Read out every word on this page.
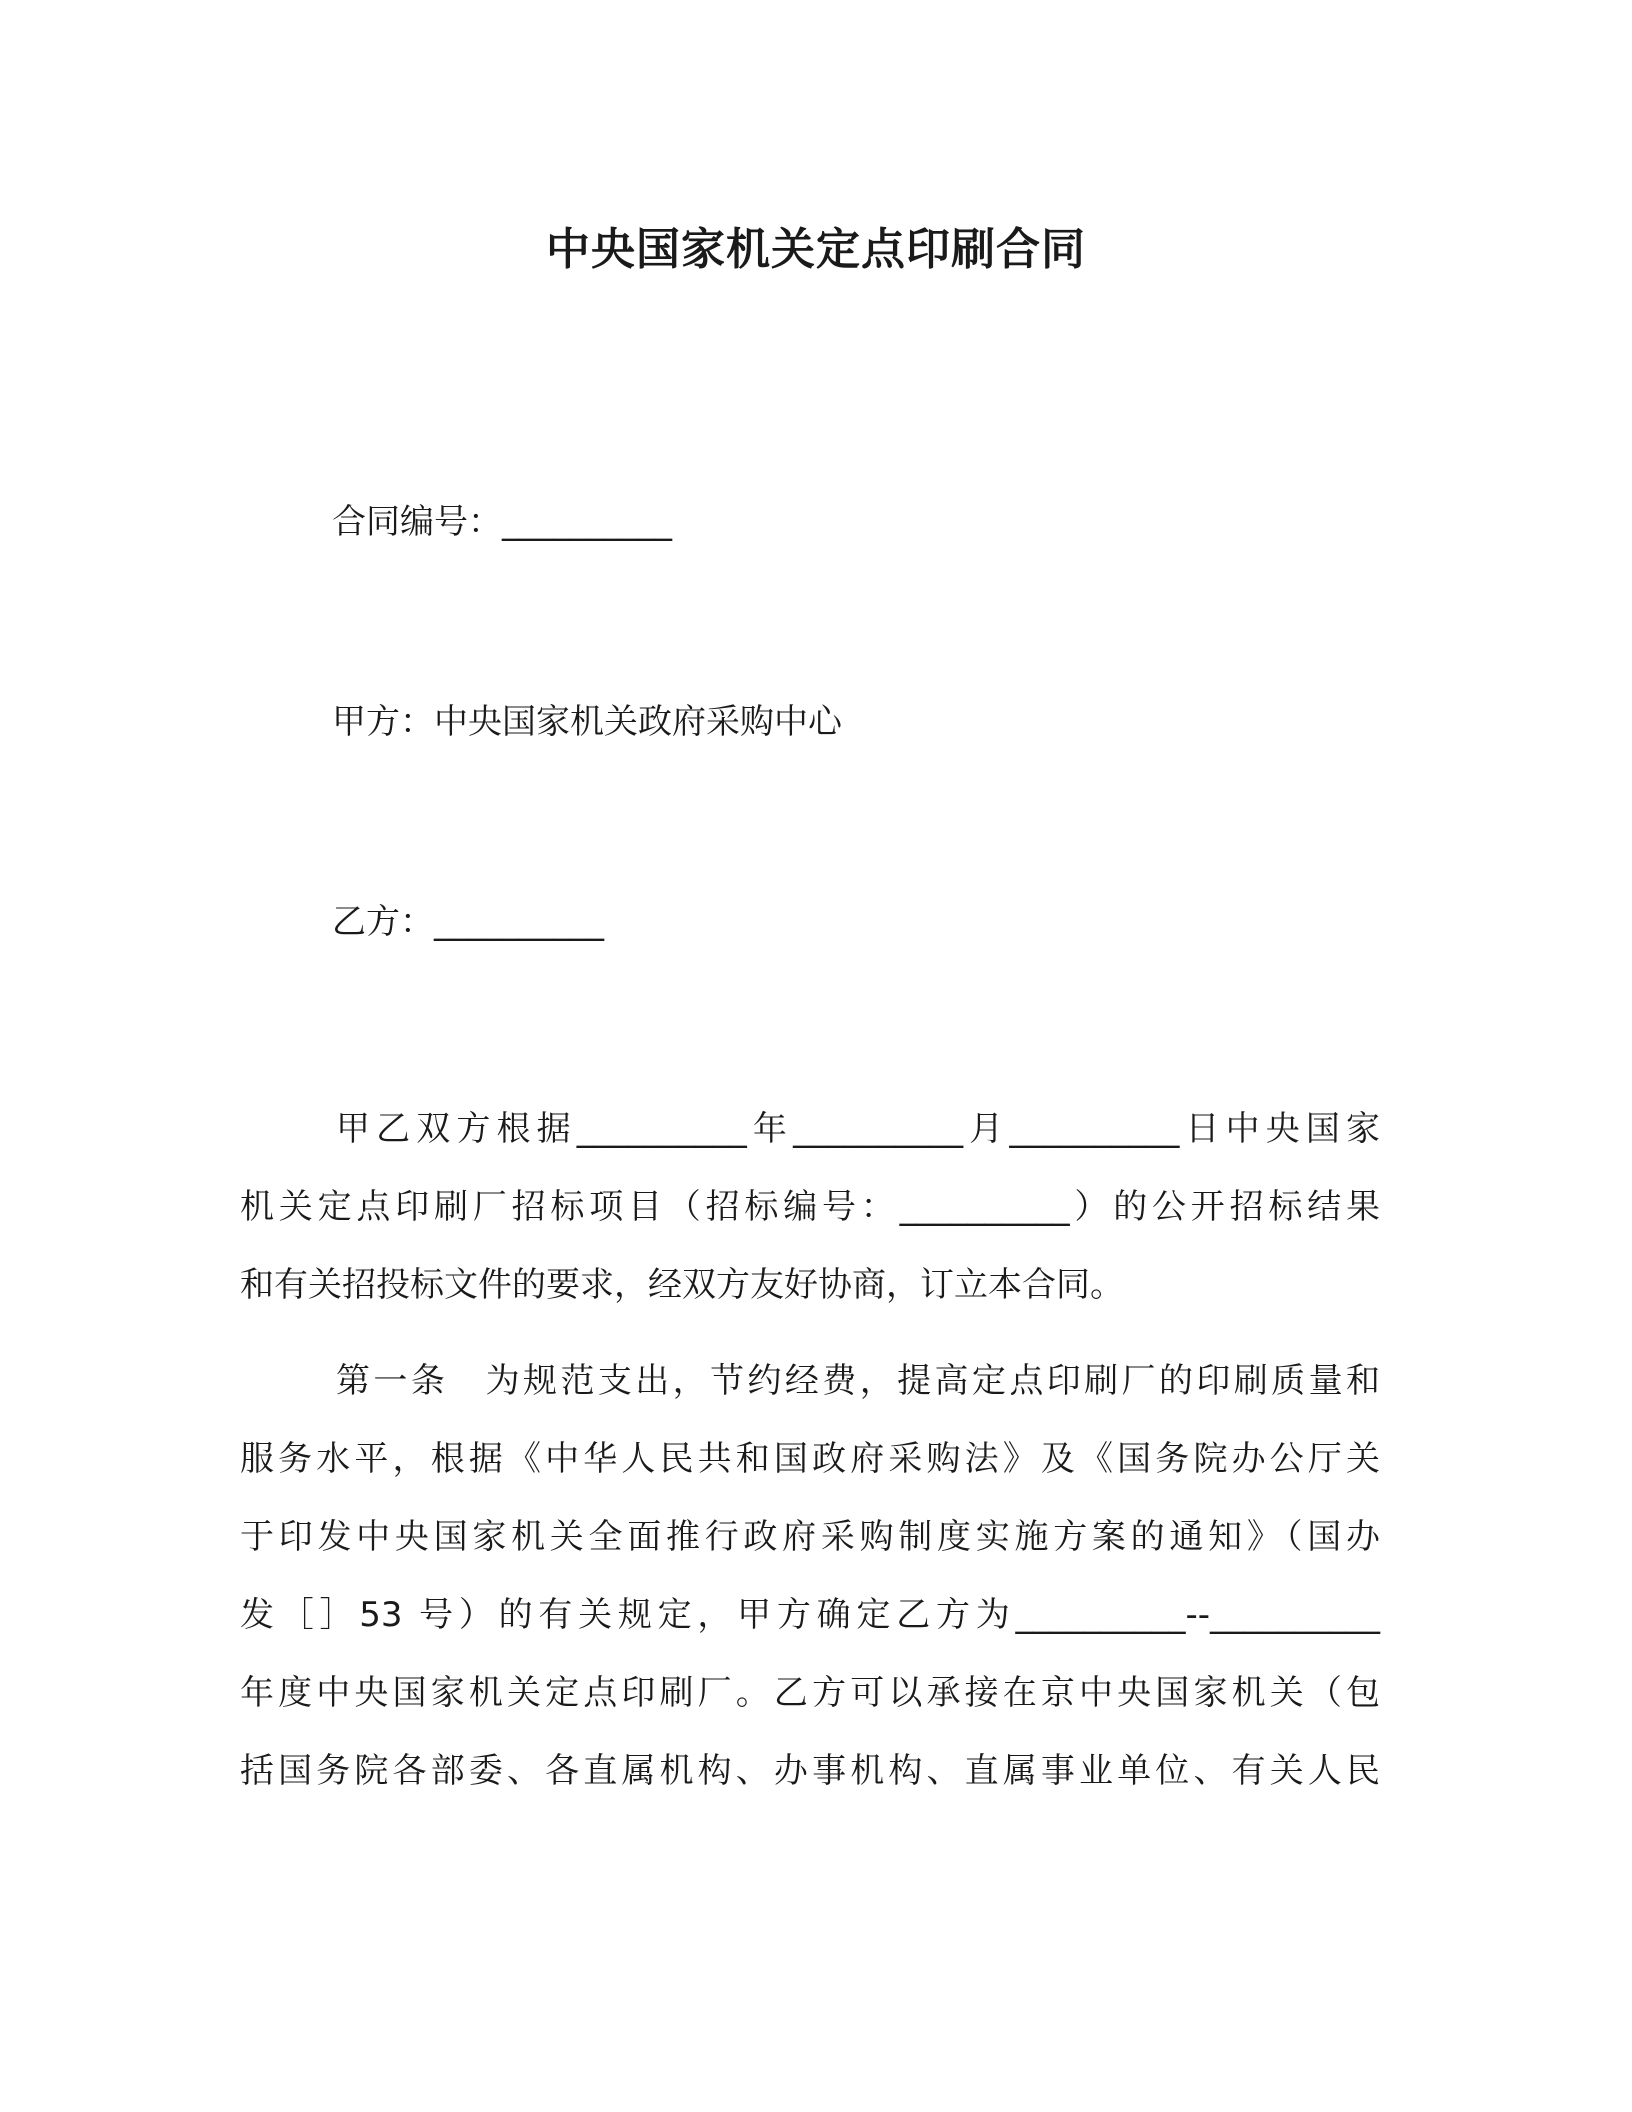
中央国家机关定点印刷合同

合同编号：__________

甲方：中央国家机关政府采购中心

乙方：__________

甲乙双方根据__________年__________月__________日中央国家
机关定点印刷厂招标项目（招标编号：__________）的公开招标结果
和有关招投标文件的要求，经双方友好协商，订立本合同。
第一条　为规范支出，节约经费，提高定点印刷厂的印刷质量和
服务水平，根据《中华人民共和国政府采购法》及《国务院办公厅关
于印发中央国家机关全面推行政府采购制度实施方案的通知》（国办
发［］53 号）的有关规定，甲方确定乙方为__________--__________
年度中央国家机关定点印刷厂。乙方可以承接在京中央国家机关（包
括国务院各部委、各直属机构、办事机构、直属事业单位、有关人民
